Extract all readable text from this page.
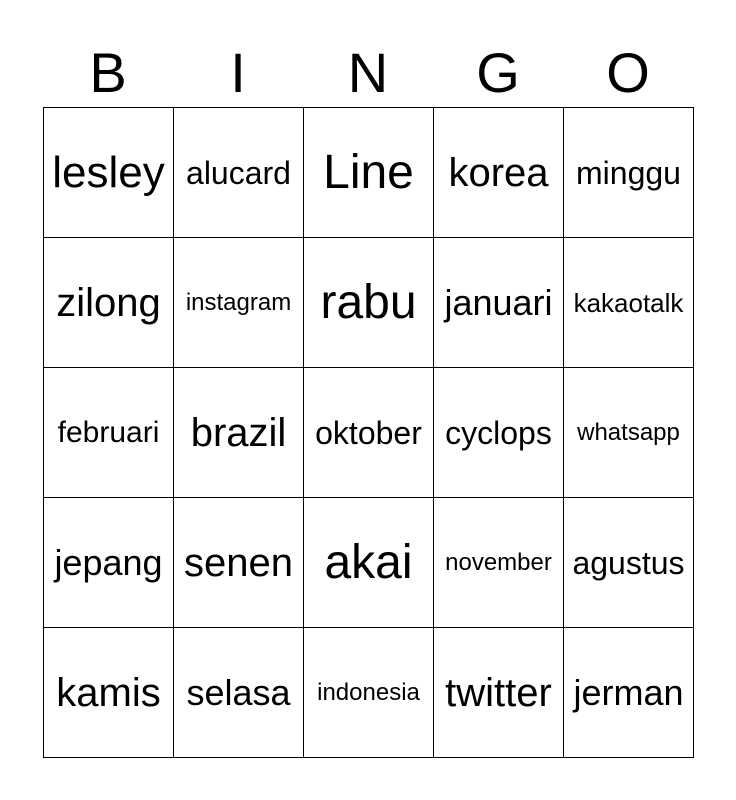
B	I	N	G	O
lesley alucard Line korea minggu
zilong instagram rabu januari kakaotalk
februari brazil oktober cyclops whatsapp
jepang senen akai november agustus
kamis selasa indonesia twitter jerman
